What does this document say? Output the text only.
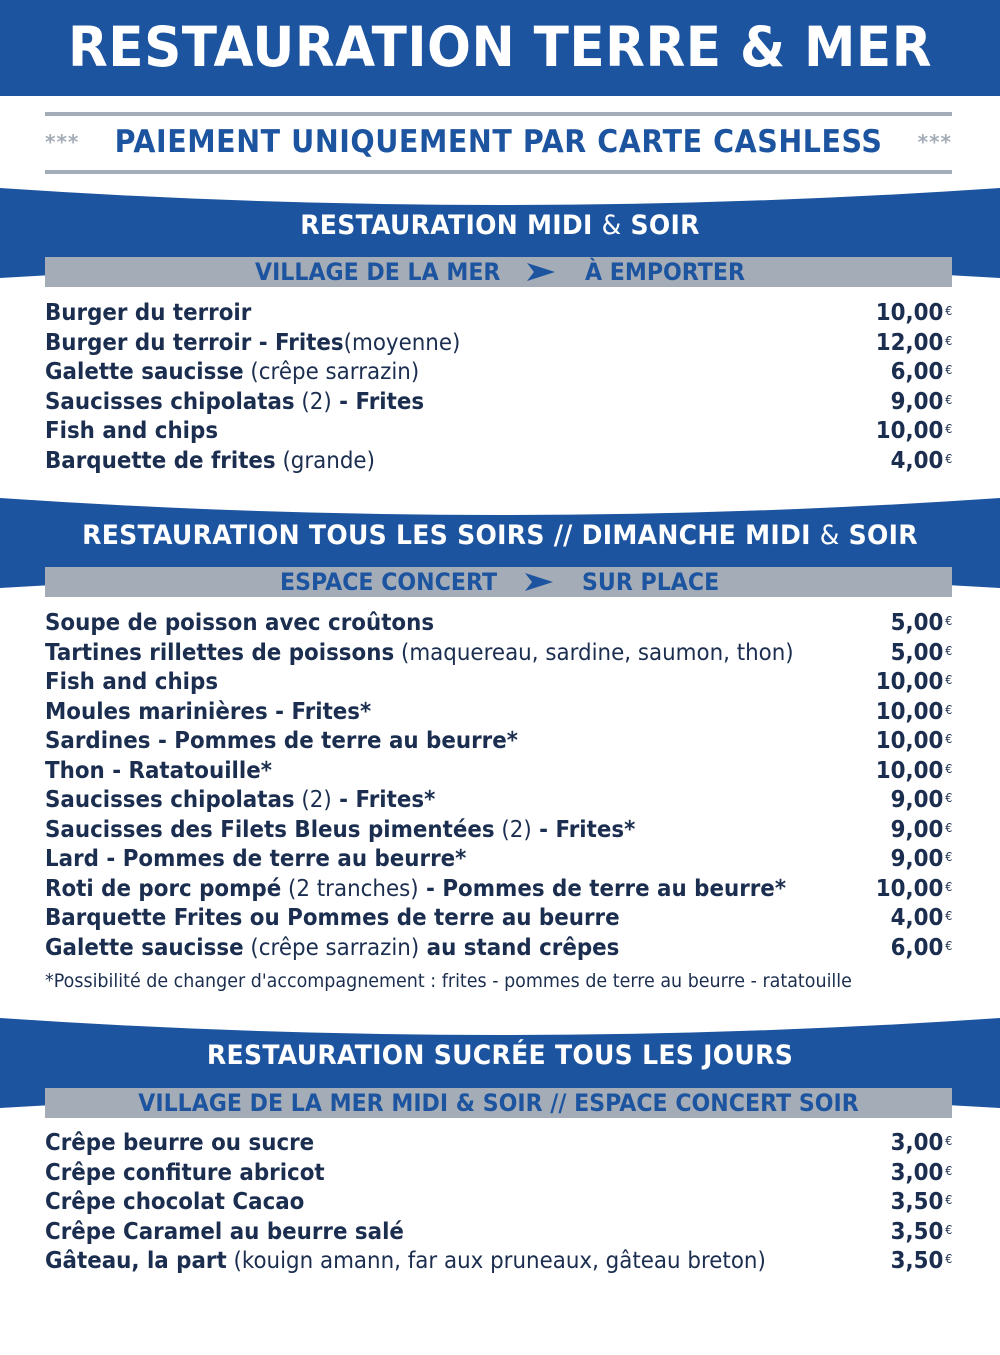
RESTAURATION TERRE & MER
***	PAIEMENT UNIQUEMENT PAR CARTE CASHLESS	***
RESTAURATION MIDI & SOIR
VILLAGE DE LA MER	À EMPORTER
Burger du terroir	10,00 €
Burger du terroir - Frites(moyenne)	12,00 €
Galette saucisse (crêpe sarrazin)	6,00 €
Saucisses chipolatas (2) - Frites	9,00 €
Fish and chips	10,00 €
Barquette de frites (grande)	4,00 €
RESTAURATION TOUS LES SOIRS // DIMANCHE MIDI & SOIR
ESPACE CONCERT	SUR PLACE
Soupe de poisson avec croûtons	5,00 €
Tartines rillettes de poissons (maquereau, sardine, saumon, thon)	5,00 €
Fish and chips	10,00 €
Moules marinières - Frites*	10,00 €
Sardines - Pommes de terre au beurre*	10,00 €
Thon - Ratatouille*	10,00 €
Saucisses chipolatas (2) - Frites*	9,00 €
Saucisses des Filets Bleus pimentées (2) - Frites*	9,00 €
Lard - Pommes de terre au beurre*	9,00 €
Roti de porc pompé (2 tranches) - Pommes de terre au beurre*	10,00 €
Barquette Frites ou Pommes de terre au beurre	4,00 €
Galette saucisse (crêpe sarrazin) au stand crêpes	6,00 €
*Possibilité de changer d'accompagnement : frites - pommes de terre au beurre - ratatouille
RESTAURATION SUCRÉE TOUS LES JOURS
VILLAGE DE LA MER MIDI & SOIR // ESPACE CONCERT SOIR
Crêpe beurre ou sucre	3,00 €
Crêpe confiture abricot	3,00 €
Crêpe chocolat Cacao	3,50 €
Crêpe Caramel au beurre salé	3,50 €
Gâteau, la part (kouign amann, far aux pruneaux, gâteau breton)	3,50 €
